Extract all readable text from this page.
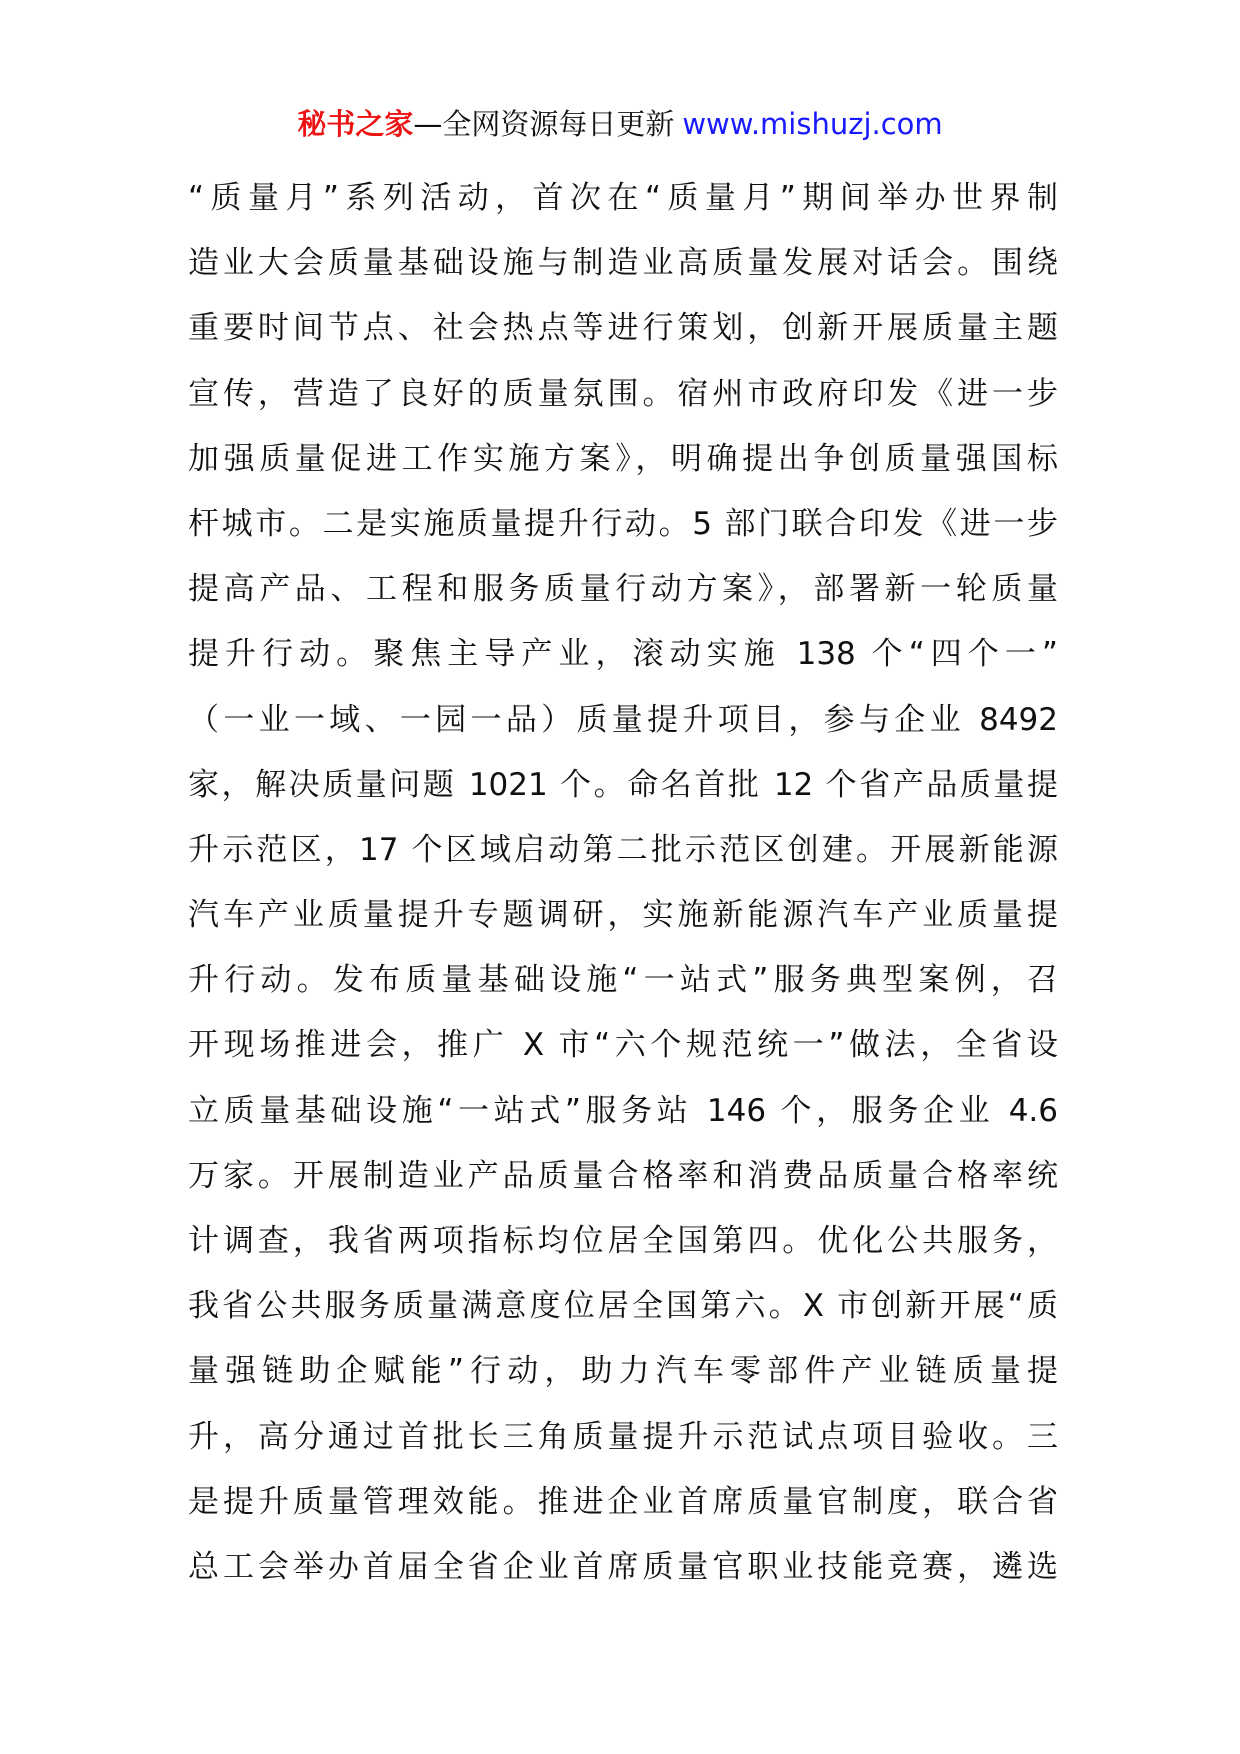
秘书之家—全网资源每日更新 www.mishuzj.com
“质量月”系列活动，首次在“质量月”期间举办世界制
造业大会质量基础设施与制造业高质量发展对话会。围绕
重要时间节点、社会热点等进行策划，创新开展质量主题
宣传，营造了良好的质量氛围。宿州市政府印发《进一步
加强质量促进工作实施方案》，明确提出争创质量强国标
杆城市。二是实施质量提升行动。5 部门联合印发《进一步
提高产品、工程和服务质量行动方案》，部署新一轮质量
提升行动。聚焦主导产业，滚动实施 138 个“四个一”
（一业一域、一园一品）质量提升项目，参与企业 8492
家，解决质量问题 1021 个。命名首批 12 个省产品质量提
升示范区，17 个区域启动第二批示范区创建。开展新能源
汽车产业质量提升专题调研，实施新能源汽车产业质量提
升行动。发布质量基础设施“一站式”服务典型案例，召
开现场推进会，推广 X 市“六个规范统一”做法，全省设
立质量基础设施“一站式”服务站 146 个，服务企业 4.6
万家。开展制造业产品质量合格率和消费品质量合格率统
计调查，我省两项指标均位居全国第四。优化公共服务，
我省公共服务质量满意度位居全国第六。X 市创新开展“质
量强链助企赋能”行动，助力汽车零部件产业链质量提
升，高分通过首批长三角质量提升示范试点项目验收。三
是提升质量管理效能。推进企业首席质量官制度，联合省
总工会举办首届全省企业首席质量官职业技能竞赛，遴选
